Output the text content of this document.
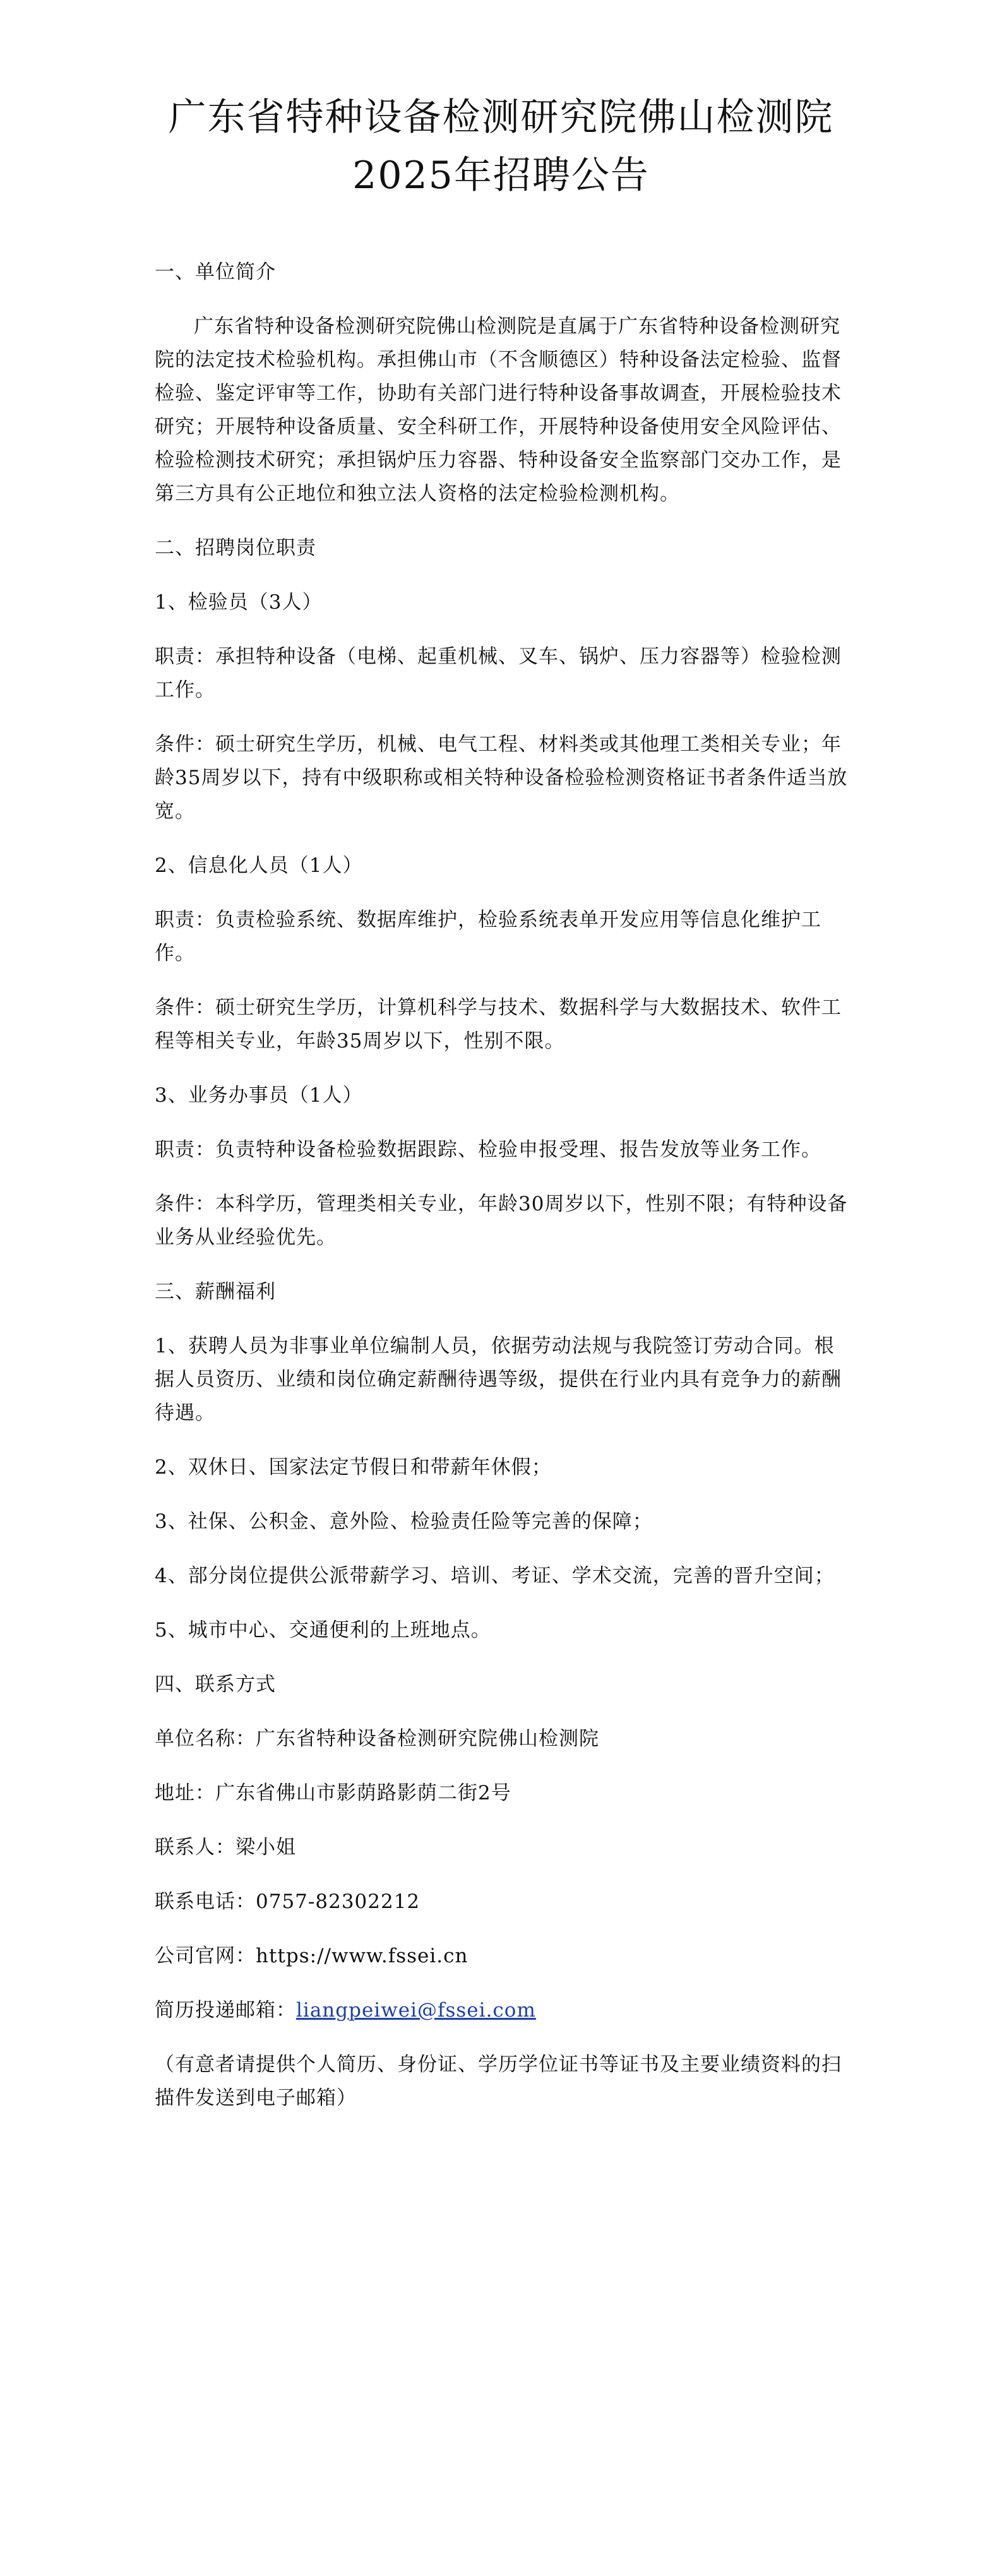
广东省特种设备检测研究院佛山检测院
2025年招聘公告
一、单位简介
广东省特种设备检测研究院佛山检测院是直属于广东省特种设备检测研究院的法定技术检验机构。承担佛山市（不含顺德区）特种设备法定检验、监督检验、鉴定评审等工作，协助有关部门进行特种设备事故调查，开展检验技术研究；开展特种设备质量、安全科研工作，开展特种设备使用安全风险评估、检验检测技术研究；承担锅炉压力容器、特种设备安全监察部门交办工作，是第三方具有公正地位和独立法人资格的法定检验检测机构。
二、招聘岗位职责
1、检验员（3人）
职责：承担特种设备（电梯、起重机械、叉车、锅炉、压力容器等）检验检测工作。
条件：硕士研究生学历，机械、电气工程、材料类或其他理工类相关专业；年龄35周岁以下，持有中级职称或相关特种设备检验检测资格证书者条件适当放宽。
2、信息化人员（1人）
职责：负责检验系统、数据库维护，检验系统表单开发应用等信息化维护工作。
条件：硕士研究生学历，计算机科学与技术、数据科学与大数据技术、软件工程等相关专业，年龄35周岁以下，性别不限。
3、业务办事员（1人）
职责：负责特种设备检验数据跟踪、检验申报受理、报告发放等业务工作。
条件：本科学历，管理类相关专业，年龄30周岁以下，性别不限；有特种设备业务从业经验优先。
三、薪酬福利
1、获聘人员为非事业单位编制人员，依据劳动法规与我院签订劳动合同。根据人员资历、业绩和岗位确定薪酬待遇等级，提供在行业内具有竞争力的薪酬待遇。
2、双休日、国家法定节假日和带薪年休假；
3、社保、公积金、意外险、检验责任险等完善的保障；
4、部分岗位提供公派带薪学习、培训、考证、学术交流，完善的晋升空间；
5、城市中心、交通便利的上班地点。
四、联系方式
单位名称：广东省特种设备检测研究院佛山检测院
地址：广东省佛山市影荫路影荫二街2号
联系人：梁小姐
联系电话：0757-82302212
公司官网：https://www.fssei.cn
简历投递邮箱：liangpeiwei@fssei.com
（有意者请提供个人简历、身份证、学历学位证书等证书及主要业绩资料的扫描件发送到电子邮箱）
